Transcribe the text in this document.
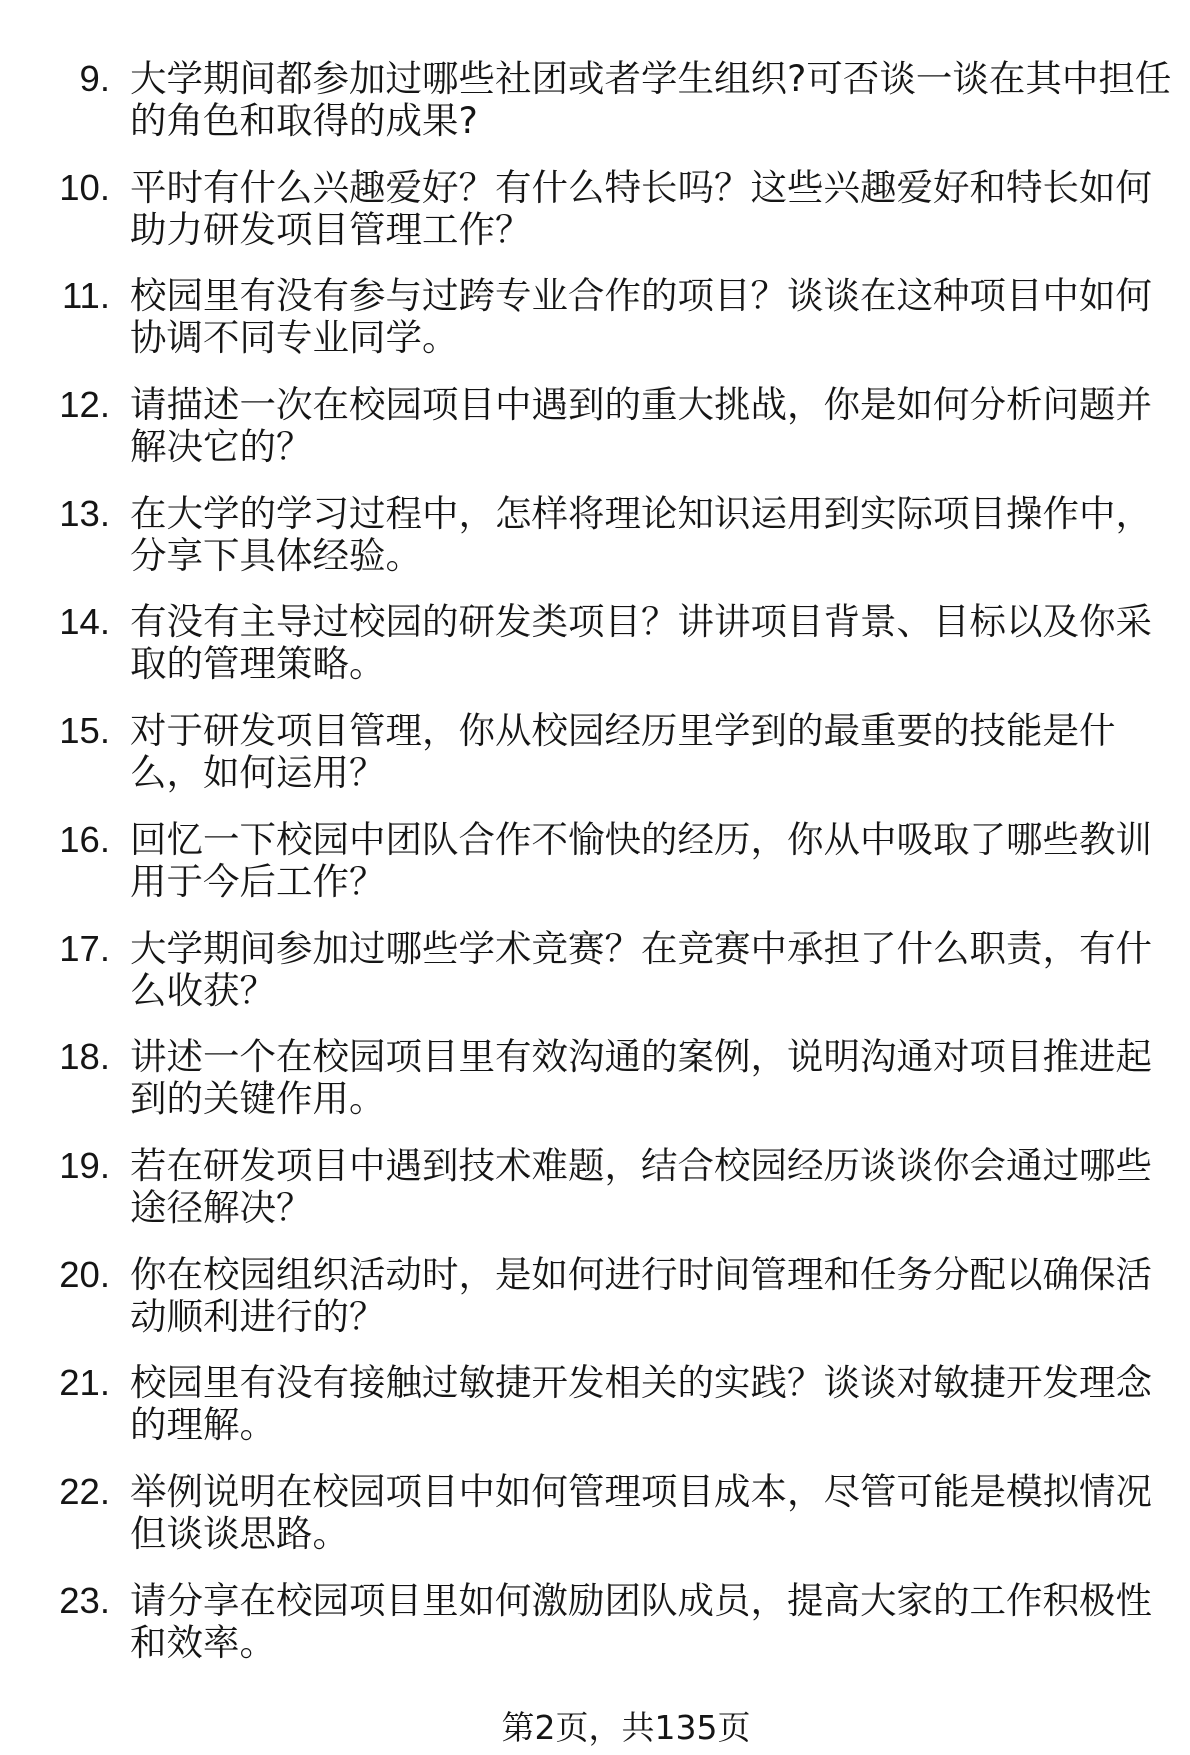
9. 大学期间都参加过哪些社团或者学生组织?可否谈一谈在其中担任
的角色和取得的成果?
10. 平时有什么兴趣爱好？有什么特长吗？这些兴趣爱好和特长如何
助力研发项目管理工作？
11. 校园里有没有参与过跨专业合作的项目？谈谈在这种项目中如何
协调不同专业同学。
12. 请描述一次在校园项目中遇到的重大挑战，你是如何分析问题并
解决它的？
13. 在大学的学习过程中，怎样将理论知识运用到实际项目操作中，
分享下具体经验。
14. 有没有主导过校园的研发类项目？讲讲项目背景、目标以及你采
取的管理策略。
15. 对于研发项目管理，你从校园经历里学到的最重要的技能是什
么，如何运用？
16. 回忆一下校园中团队合作不愉快的经历，你从中吸取了哪些教训
用于今后工作？
17. 大学期间参加过哪些学术竞赛？在竞赛中承担了什么职责，有什
么收获？
18. 讲述一个在校园项目里有效沟通的案例，说明沟通对项目推进起
到的关键作用。
19. 若在研发项目中遇到技术难题，结合校园经历谈谈你会通过哪些
途径解决？
20. 你在校园组织活动时，是如何进行时间管理和任务分配以确保活
动顺利进行的？
21. 校园里有没有接触过敏捷开发相关的实践？谈谈对敏捷开发理念
的理解。
22. 举例说明在校园项目中如何管理项目成本，尽管可能是模拟情况
但谈谈思路。
23. 请分享在校园项目里如何激励团队成员，提高大家的工作积极性
和效率。
第2页，共135页
